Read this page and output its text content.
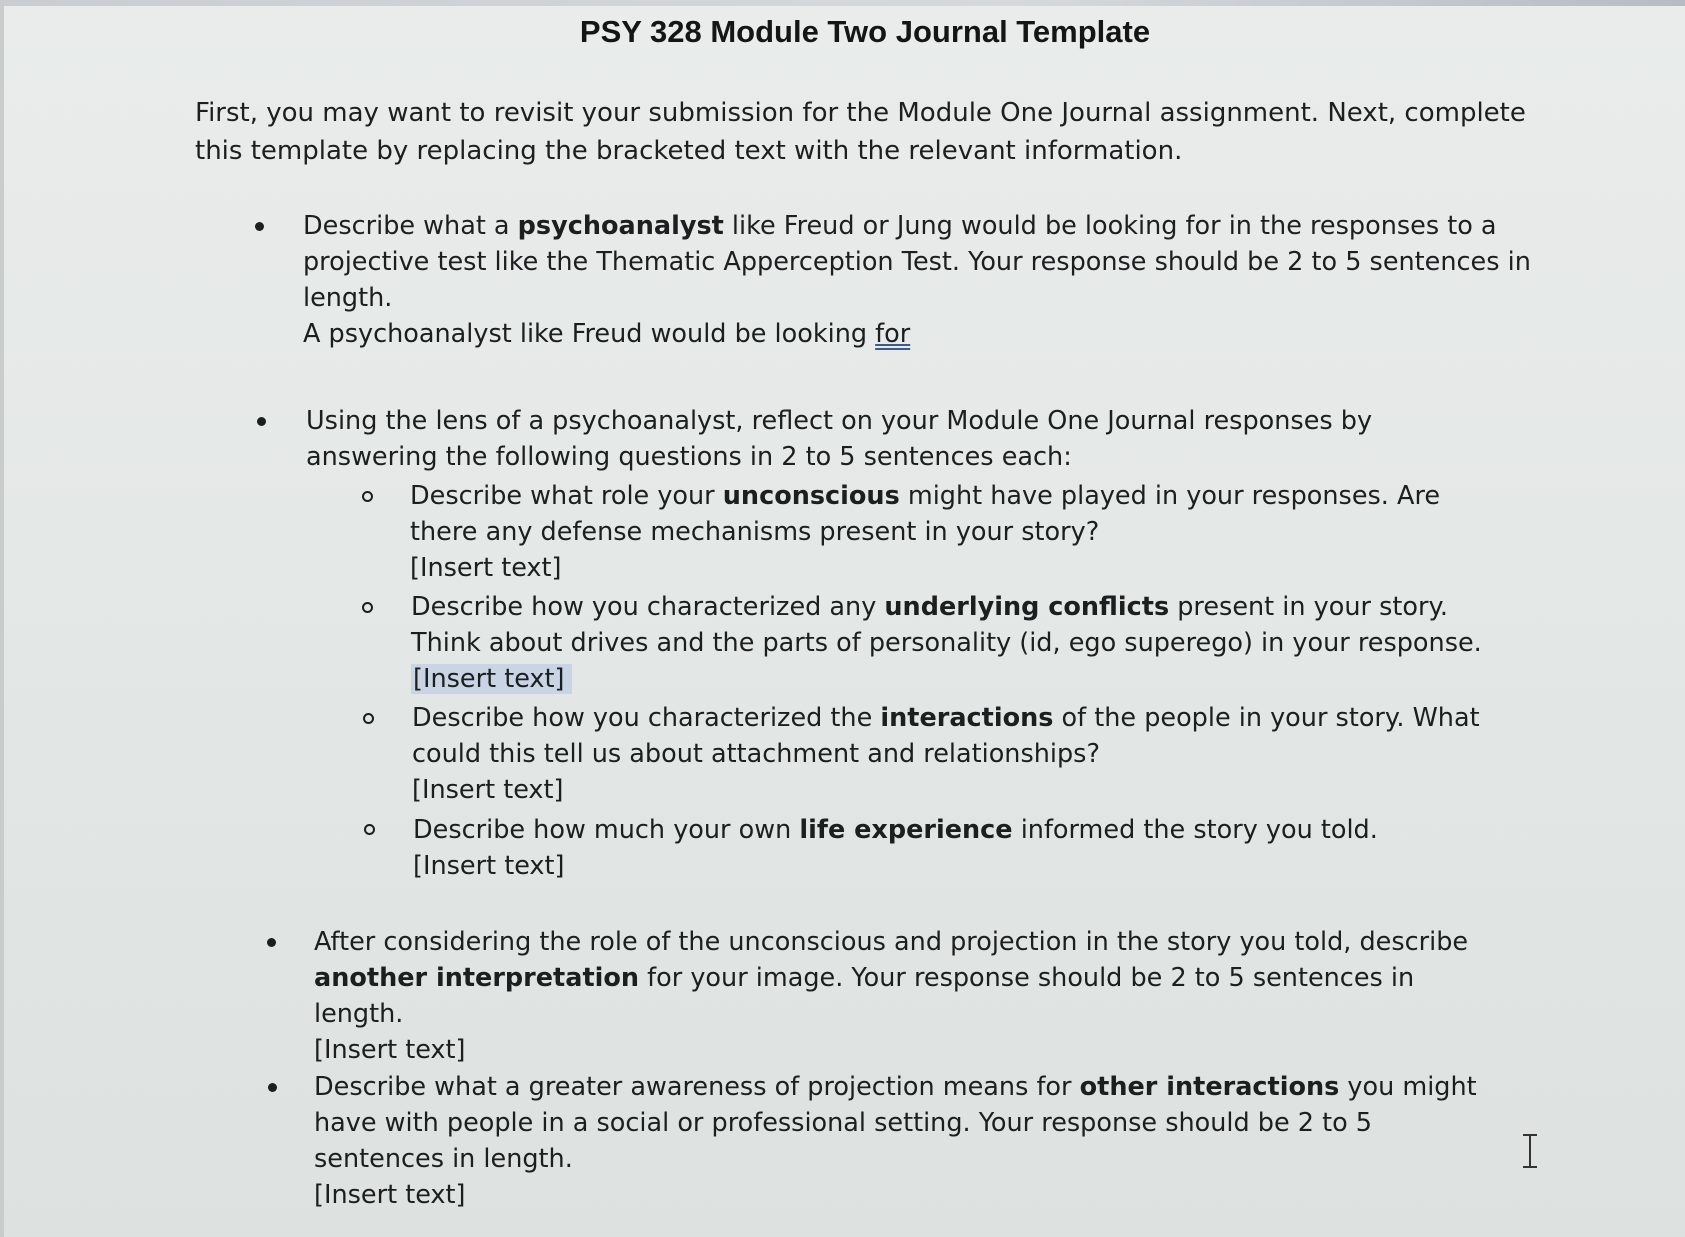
PSY 328 Module Two Journal Template
First, you may want to revisit your submission for the Module One Journal assignment. Next, complete this template by replacing the bracketed text with the relevant information.
Describe what a psychoanalyst like Freud or Jung would be looking for in the responses to a projective test like the Thematic Apperception Test. Your response should be 2 to 5 sentences in length.
A psychoanalyst like Freud would be looking for
Using the lens of a psychoanalyst, reflect on your Module One Journal responses by answering the following questions in 2 to 5 sentences each:
Describe what role your unconscious might have played in your responses. Are there any defense mechanisms present in your story?
[Insert text]
Describe how you characterized any underlying conflicts present in your story. Think about drives and the parts of personality (id, ego superego) in your response.
[Insert text]
Describe how you characterized the interactions of the people in your story. What could this tell us about attachment and relationships?
[Insert text]
Describe how much your own life experience informed the story you told.
[Insert text]
After considering the role of the unconscious and projection in the story you told, describe another interpretation for your image. Your response should be 2 to 5 sentences in length.
[Insert text]
Describe what a greater awareness of projection means for other interactions you might have with people in a social or professional setting. Your response should be 2 to 5 sentences in length.
[Insert text]
